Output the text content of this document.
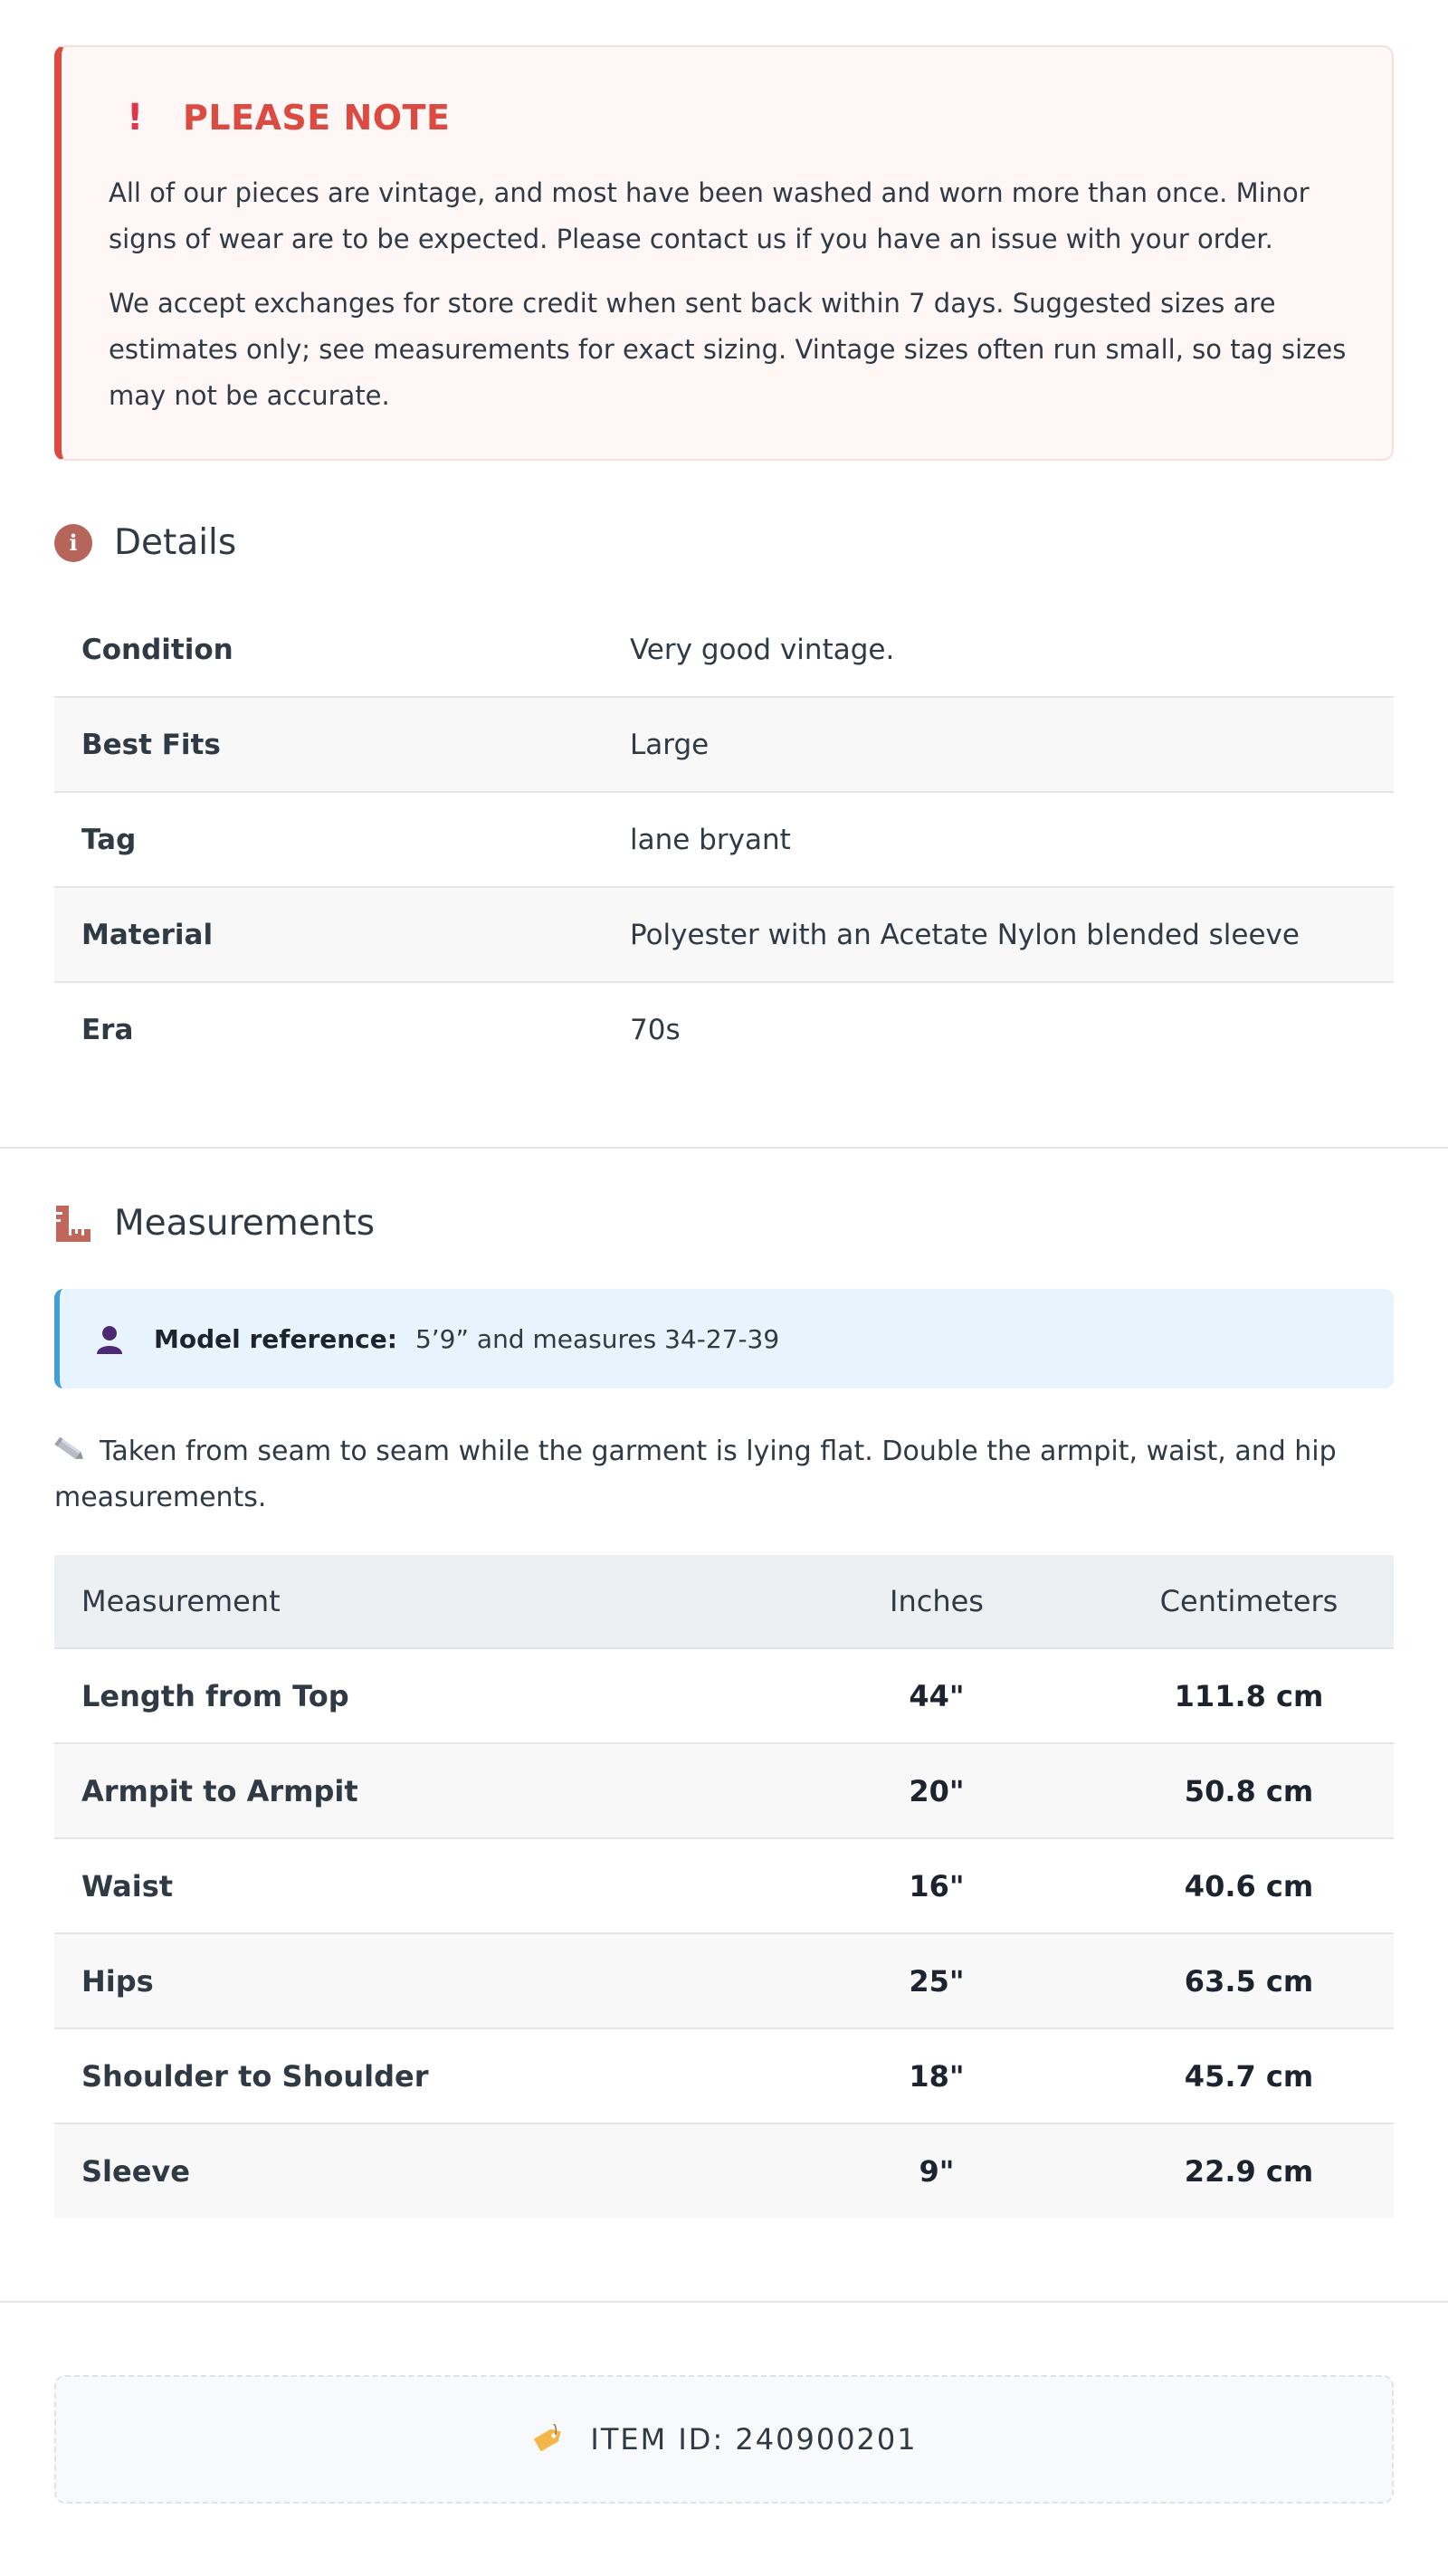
!	PLEASE NOTE

All of our pieces are vintage, and most have been washed and worn more than once. Minor signs of wear are to be expected. Please contact us if you have an issue with your order.

We accept exchanges for store credit when sent back within 7 days. Suggested sizes are estimates only; see measurements for exact sizing. Vintage sizes often run small, so tag sizes may not be accurate.

i	Details
Condition	Very good vintage.
Best Fits	Large
Tag	lane bryant
Material	Polyester with an Acetate Nylon blended sleeve
Era	70s
Measurements
Model reference: 5’9” and measures 34-27-39

Taken from seam to seam while the garment is lying flat. Double the armpit, waist, and hip measurements.

Measurement	Inches	Centimeters
Length from Top	44"	111.8 cm
Armpit to Armpit	20"	50.8 cm
Waist	16"	40.6 cm
Hips	25"	63.5 cm
Shoulder to Shoulder	18"	45.7 cm
Sleeve	9"	22.9 cm
ITEM ID: 240900201
